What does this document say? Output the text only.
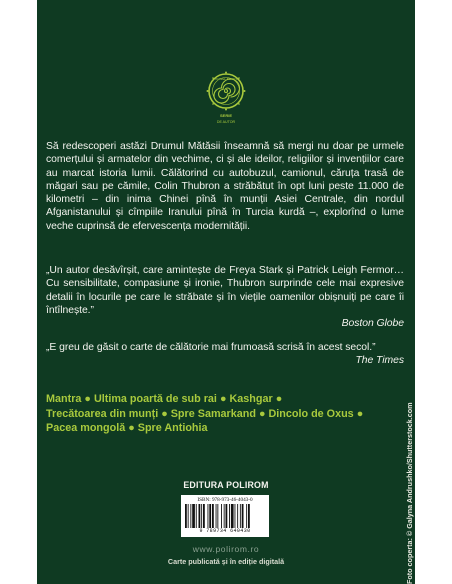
TRAVEL BOOKS
SERIE
DE AUTOR
Să redescoperi astăzi Drumul Mătăsii înseamnă să mergi nu doar pe urmele comerțului și armatelor din vechime, ci și ale ideilor, religiilor și invențiilor care au marcat istoria lumii. Călătorind cu autobuzul, camionul, căruța trasă de măgari sau pe cămile, Colin Thubron a străbătut în opt luni peste 11.000 de kilometri – din inima Chinei pînă în munții Asiei Centrale, din nordul Afganistanului și cîmpiile Iranului pînă în Turcia kurdă –, explorînd o lume veche cuprinsă de efervescența modernității.
„Un autor desăvîrșit, care amintește de Freya Stark și Patrick Leigh Fermor… Cu sensibilitate, compasiune și ironie, Thubron surprinde cele mai expresive detalii în locurile pe care le străbate și în viețile oamenilor obișnuiți pe care îi întîlnește.”
Boston Globe
„E greu de găsit o carte de călătorie mai frumoasă scrisă în acest secol.”
The Times
Mantra ● Ultima poartă de sub rai ● Kashgar ● Trecătoarea din munți ● Spre Samarkand ● Dincolo de Oxus ● Pacea mongolă ● Spre Antiohia	Foto coperta: © Galyna Andrushko/Shutterstock.com
EDITURA POLIROM
ISBN: 978-973-46-4043-0
9 789734 640430
www.polirom.ro
Carte publicată și în ediție digitală
